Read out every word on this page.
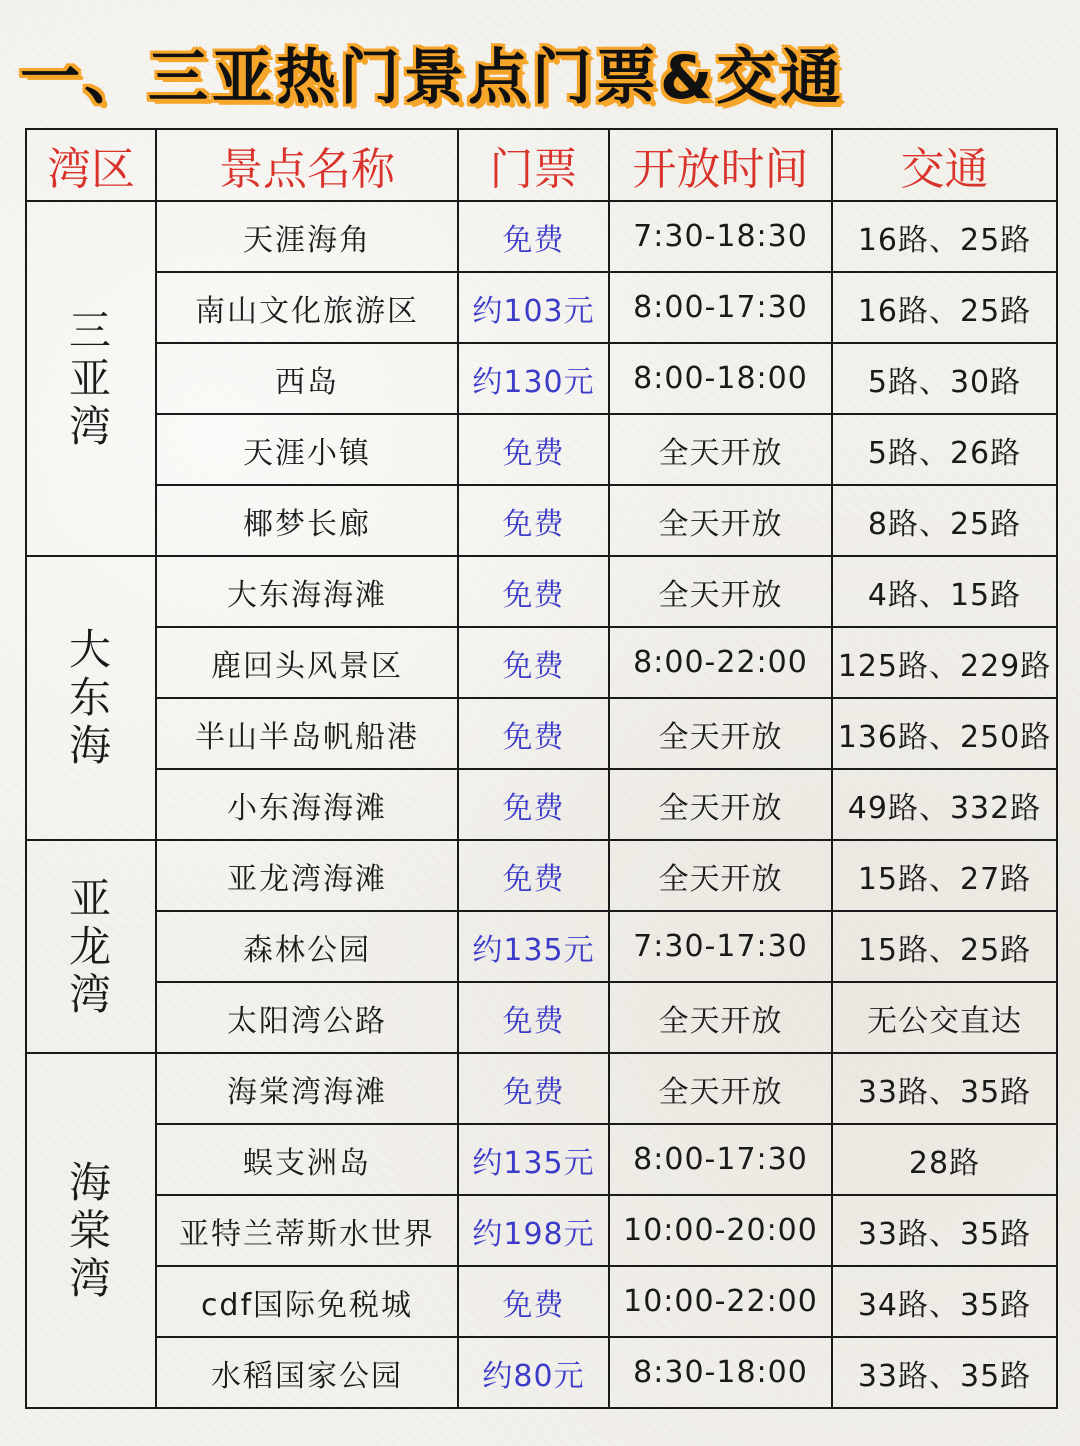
一、三亚热门景点门票&交通
湾区	景点名称	门票	开放时间	交通
三亚湾	天涯海角	免费	7:30-18:30	16路、25路
	南山文化旅游区	约103元	8:00-17:30	16路、25路
	西岛	约130元	8:00-18:00	5路、30路
	天涯小镇	免费	全天开放	5路、26路
	椰梦长廊	免费	全天开放	8路、25路
大东海	大东海海滩	免费	全天开放	4路、15路
	鹿回头风景区	免费	8:00-22:00	125路、229路
	半山半岛帆船港	免费	全天开放	136路、250路
	小东海海滩	免费	全天开放	49路、332路
亚龙湾	亚龙湾海滩	免费	全天开放	15路、27路
	森林公园	约135元	7:30-17:30	15路、25路
	太阳湾公路	免费	全天开放	无公交直达
海棠湾	海棠湾海滩	免费	全天开放	33路、35路
	蜈支洲岛	约135元	8:00-17:30	28路
	亚特兰蒂斯水世界	约198元	10:00-20:00	33路、35路
	cdf国际免税城	免费	10:00-22:00	34路、35路
	水稻国家公园	约80元	8:30-18:00	33路、35路
